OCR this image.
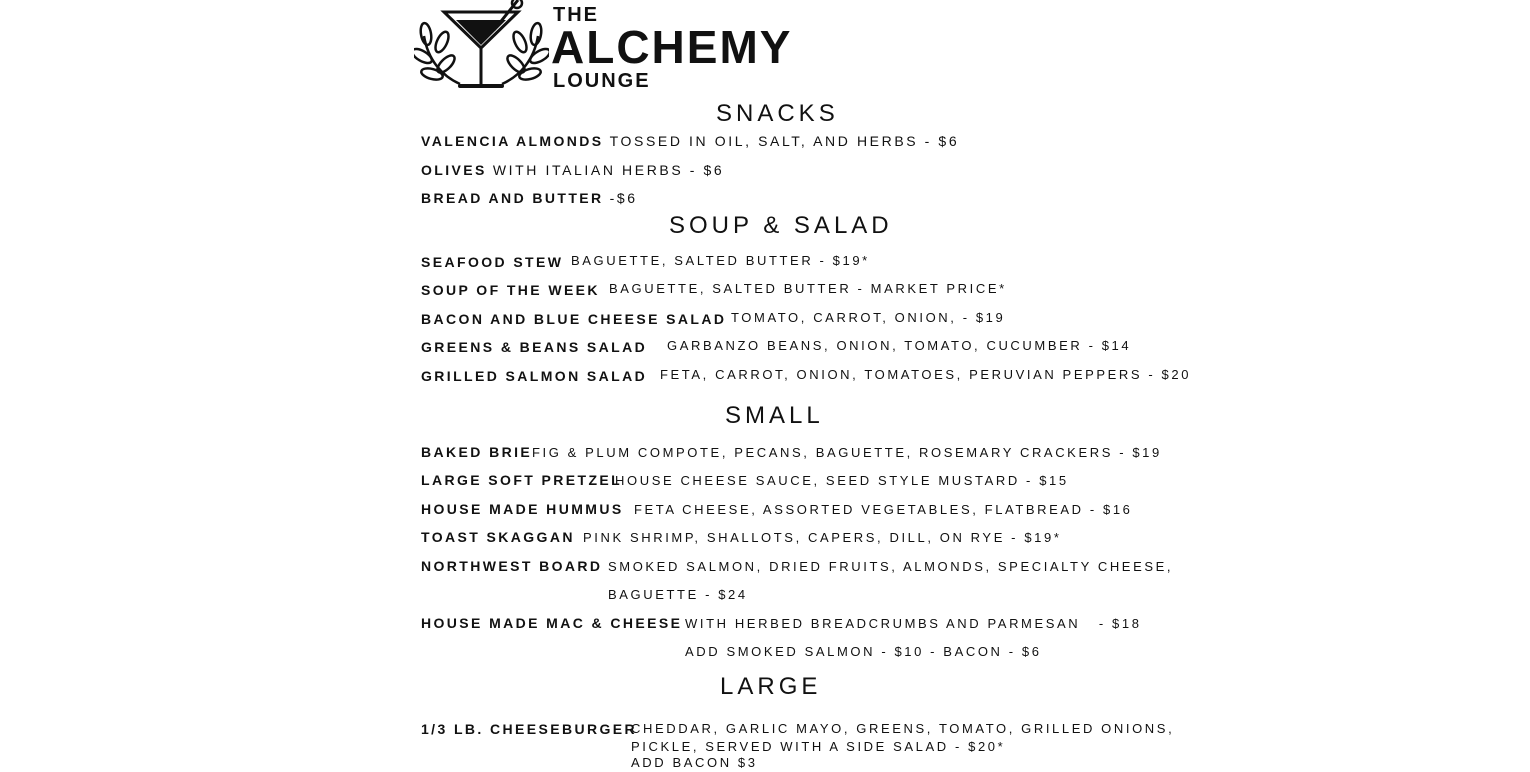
THE
ALCHEMY
LOUNGE
SNACKS
VALENCIA ALMONDS TOSSED IN OIL, SALT, AND HERBS - $6
OLIVES WITH ITALIAN HERBS - $6
BREAD AND BUTTER -$6
SOUP & SALAD
SEAFOOD STEW BAGUETTE, SALTED BUTTER - $19*
SOUP OF THE WEEK BAGUETTE, SALTED BUTTER - MARKET PRICE*
BACON AND BLUE CHEESE SALAD TOMATO, CARROT, ONION, - $19
GREENS & BEANS SALAD GARBANZO BEANS, ONION, TOMATO, CUCUMBER - $14
GRILLED SALMON SALAD FETA, CARROT, ONION, TOMATOES, PERUVIAN PEPPERS - $20
SMALL
BAKED BRIE FIG & PLUM COMPOTE, PECANS, BAGUETTE, ROSEMARY CRACKERS - $19
LARGE SOFT PRETZEL
HOUSE CHEESE SAUCE, SEED STYLE MUSTARD - $15
HOUSE MADE HUMMUS FETA CHEESE, ASSORTED VEGETABLES, FLATBREAD - $16
TOAST SKAGGAN PINK SHRIMP, SHALLOTS, CAPERS, DILL, ON RYE - $19*
NORTHWEST BOARD SMOKED SALMON, DRIED FRUITS, ALMONDS, SPECIALTY CHEESE,
BAGUETTE - $24
HOUSE MADE MAC & CHEESE WITH HERBED BREADCRUMBS AND PARMESAN   - $18
ADD SMOKED SALMON - $10 - BACON - $6
LARGE
1/3 LB. CHEESEBURGER
CHEDDAR, GARLIC MAYO, GREENS, TOMATO, GRILLED ONIONS,
PICKLE, SERVED WITH A SIDE SALAD - $20*
ADD BACON $3
